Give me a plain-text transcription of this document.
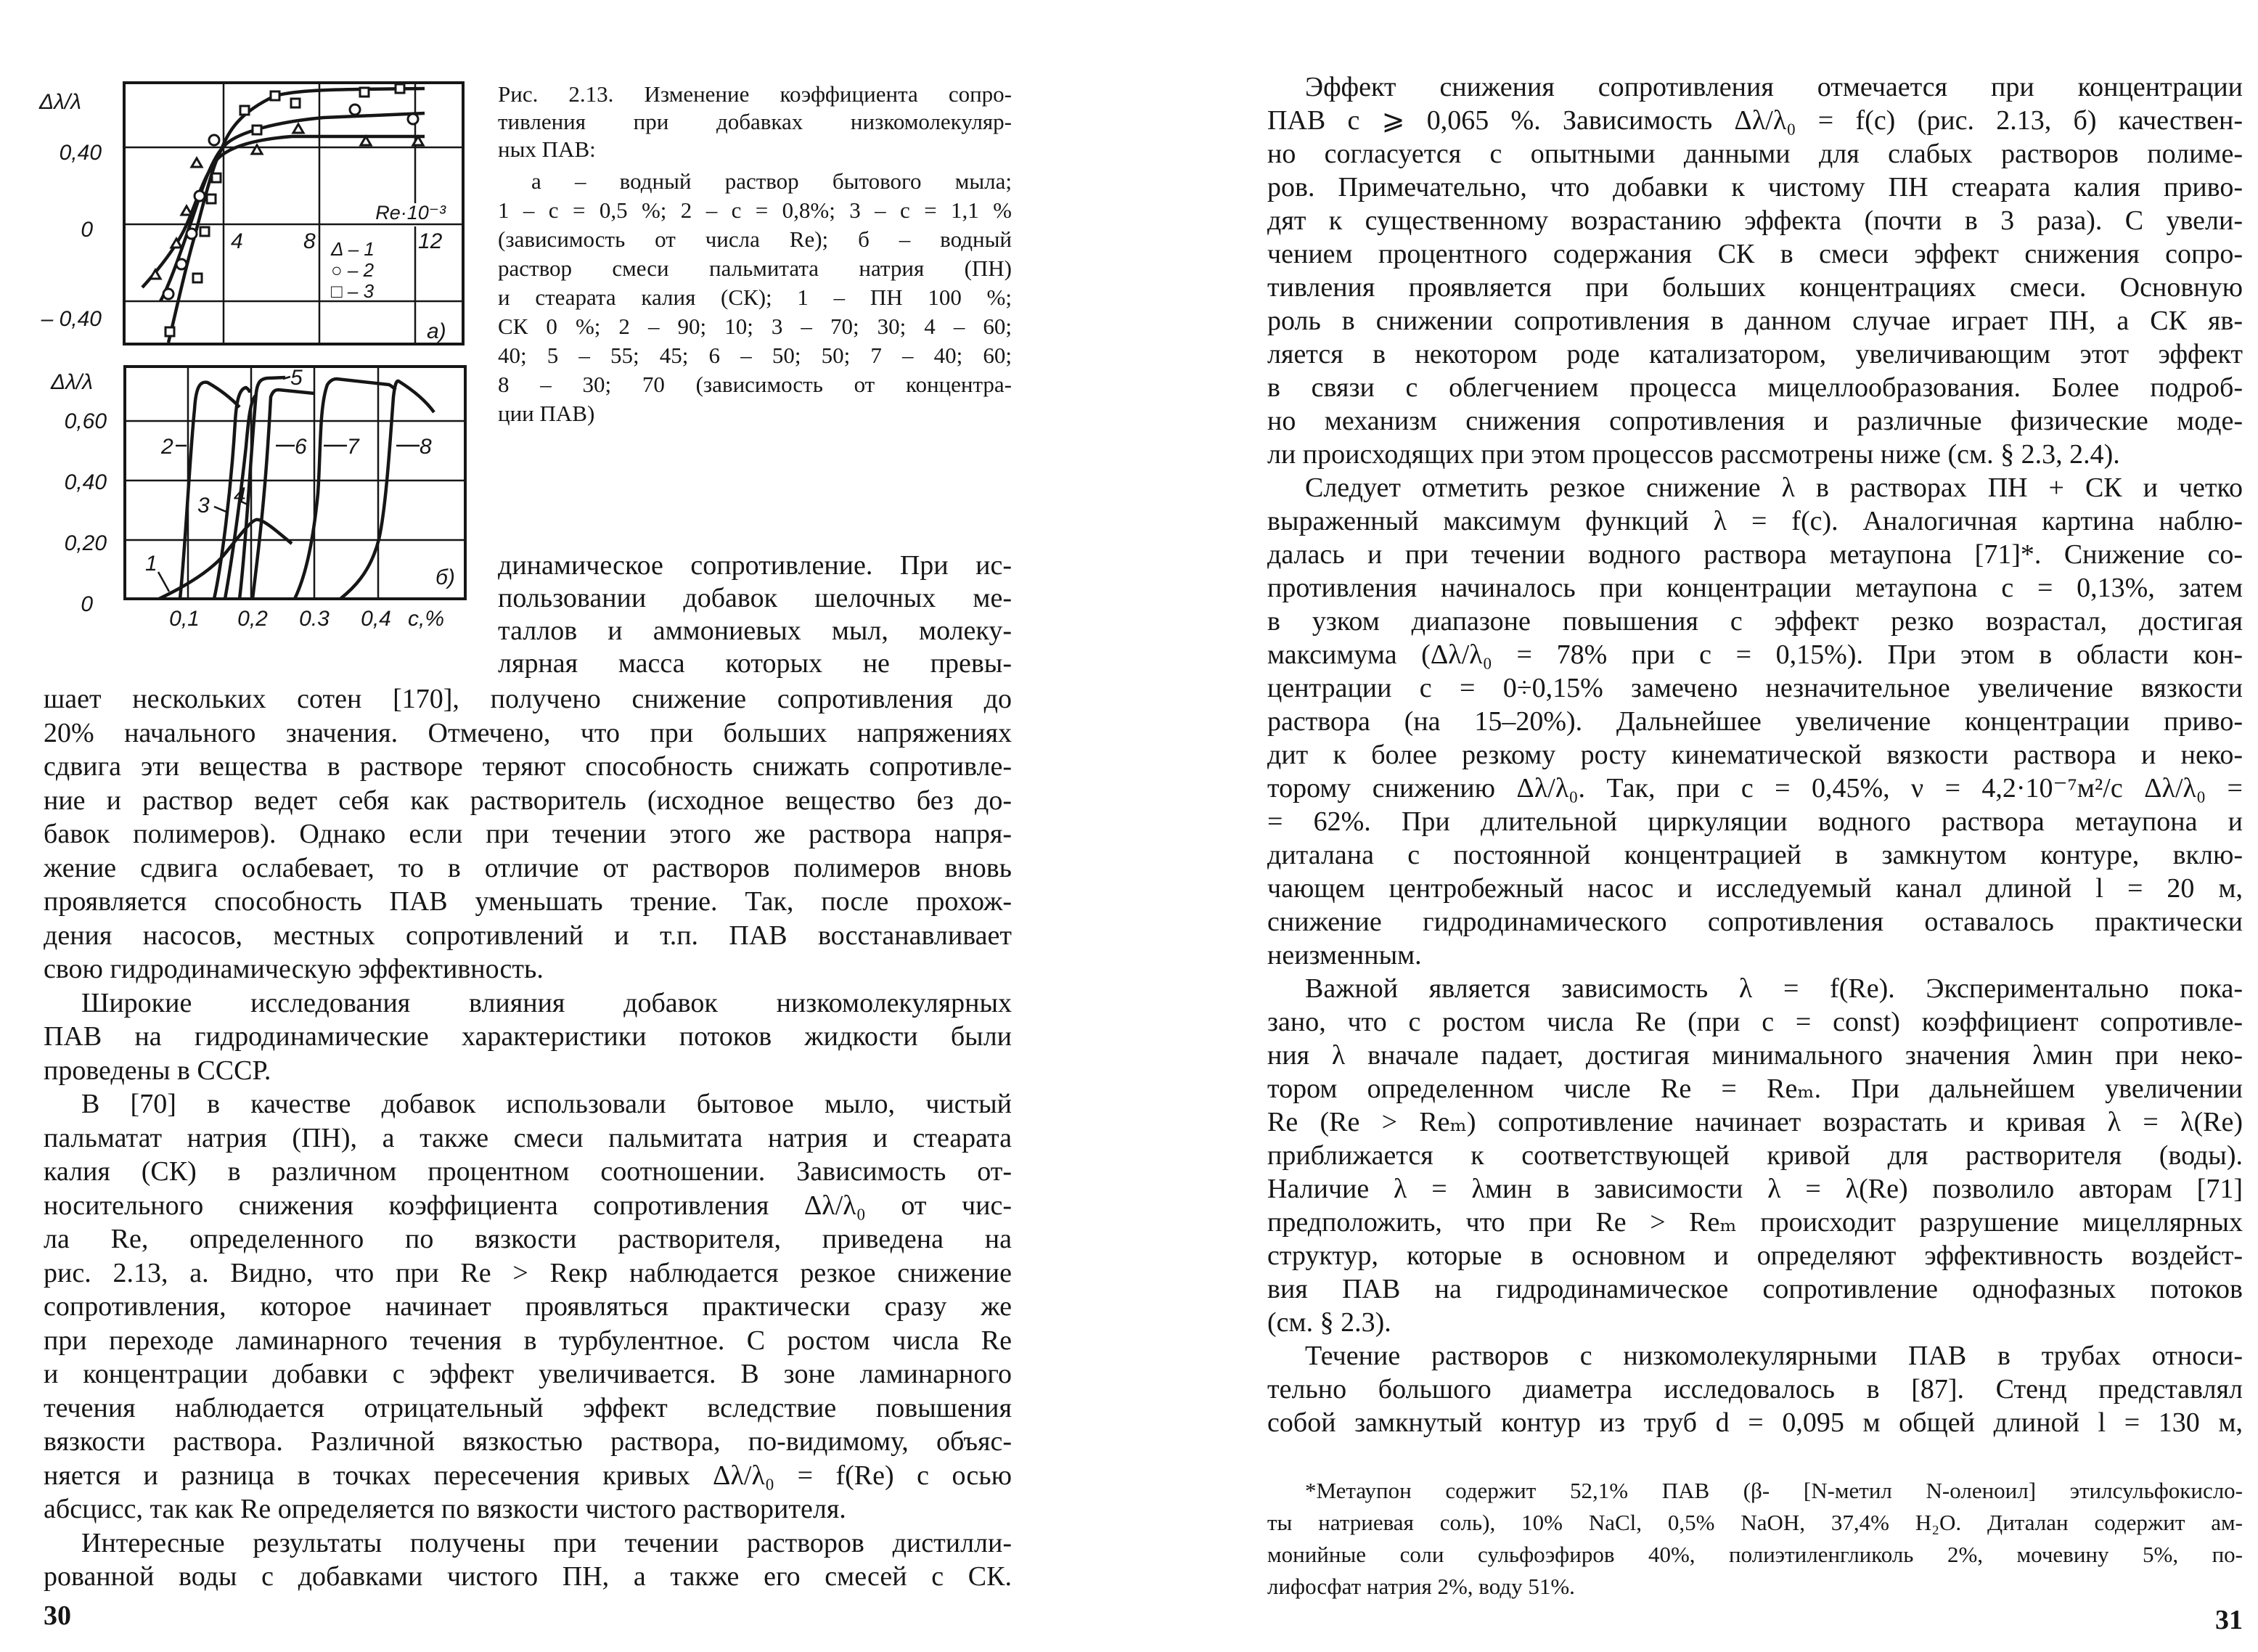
Δλ/λ
0,40
0
– 0,40
4	8	12
Re·10⁻³
Δ – 1
○ – 2
□ – 3
а)
Δλ/λ
0,60
0,40
0,20
0
0,1 0,2 0.3 0,4 c,%
1
2
3 4
5
6 7	8
б)
Рис. 2.13. Изменение коэффициента сопро-
тивления при добавках низкомолекуляр-
ных ПАВ:
а – водный раствор бытового мыла;
1 – с = 0,5 %; 2 – с = 0,8%; 3 – с = 1,1 %
(зависимость от числа Re); б – водный
раствор смеси пальмитата натрия (ПН)
и стеарата калия (СК); 1 – ПН 100 %;
СК 0 %; 2 – 90; 10; 3 – 70; 30; 4 – 60;
40; 5 – 55; 45; 6 – 50; 50; 7 – 40; 60;
8 – 30; 70 (зависимость от концентра-
ции ПАВ)
динамическое сопротивление. При ис-
пользовании добавок шелочных ме-
таллов и аммониевых мыл, молеку-
лярная масса которых не превы-
шает нескольких сотен [170], получено снижение сопротивления до
20% начального значения. Отмечено, что при больших напряжениях
сдвига эти вещества в растворе теряют способность снижать сопротивле-
ние и раствор ведет себя как растворитель (исходное вещество без до-
бавок полимеров). Однако если при течении этого же раствора напря-
жение сдвига ослабевает, то в отличие от растворов полимеров вновь
проявляется способность ПАВ уменьшать трение. Так, после прохож-
дения насосов, местных сопротивлений и т.п. ПАВ восстанавливает
свою гидродинамическую эффективность.
Широкие исследования влияния добавок низкомолекулярных
ПАВ на гидродинамические характеристики потоков жидкости были
проведены в СССР.
В [70] в качестве добавок использовали бытовое мыло, чистый
пальматат натрия (ПН), а также смеси пальмитата натрия и стеарата
калия (СК) в различном процентном соотношении. Зависимость от-
носительного снижения коэффициента сопротивления Δλ/λ₀ от чис-
ла Re, определенного по вязкости растворителя, приведена на
рис. 2.13, а. Видно, что при Re > Reкр наблюдается резкое снижение
сопротивления, которое начинает проявляться практически сразу же
при переходе ламинарного течения в турбулентное. С ростом числа Re
и концентрации добавки с эффект увеличивается. В зоне ламинарного
течения наблюдается отрицательный эффект вследствие повышения
вязкости раствора. Различной вязкостью раствора, по-видимому, объяс-
няется и разница в точках пересечения кривых Δλ/λ₀ = f(Re) с осью
абсцисс, так как Re определяется по вязкости чистого растворителя.
Интересные результаты получены при течении растворов дистилли-
рованной воды с добавками чистого ПН, а также его смесей с СК.
30
Эффект снижения сопротивления отмечается при концентрации
ПАВ c ⩾ 0,065 %. Зависимость Δλ/λ₀ = f(c) (рис. 2.13, б) качествен-
но согласуется с опытными данными для слабых растворов полиме-
ров. Примечательно, что добавки к чистому ПН стеарата калия приво-
дят к существенному возрастанию эффекта (почти в 3 раза). С увели-
чением процентного содержания СК в смеси эффект снижения сопро-
тивления проявляется при больших концентрациях смеси. Основную
роль в снижении сопротивления в данном случае играет ПН, а СК яв-
ляется в некотором роде катализатором, увеличивающим этот эффект
в связи с облегчением процесса мицеллообразования. Более подроб-
но механизм снижения сопротивления и различные физические моде-
ли происходящих при этом процессов рассмотрены ниже (см. § 2.3, 2.4).
Следует отметить резкое снижение λ в растворах ПН + СК и четко
выраженный максимум функций λ = f(c). Аналогичная картина наблю-
далась и при течении водного раствора метаупона [71]*. Снижение со-
противления начиналось при концентрации метаупона c = 0,13%, затем
в узком диапазоне повышения c эффект резко возрастал, достигая
максимума (Δλ/λ₀ = 78% при c = 0,15%). При этом в области кон-
центрации c = 0÷0,15% замечено незначительное увеличение вязкости
раствора (на 15–20%). Дальнейшее увеличение концентрации приво-
дит к более резкому росту кинематической вязкости раствора и неко-
торому снижению Δλ/λ₀. Так, при c = 0,45%, ν = 4,2·10⁻⁷м²/с Δλ/λ₀ =
= 62%. При длительной циркуляции водного раствора метаупона и
диталана с постоянной концентрацией в замкнутом контуре, вклю-
чающем центробежный насос и исследуемый канал длиной l = 20 м,
снижение гидродинамического сопротивления оставалось практически
неизменным.
Важной является зависимость λ = f(Re). Экспериментально пока-
зано, что с ростом числа Re (при c = const) коэффициент сопротивле-
ния λ вначале падает, достигая минимального значения λмин при неко-
тором определенном числе Re = Reₘ. При дальнейшем увеличении
Re (Re > Reₘ) сопротивление начинает возрастать и кривая λ = λ(Re)
приближается к соответствующей кривой для растворителя (воды).
Наличие λ = λмин в зависимости λ = λ(Re) позволило авторам [71]
предположить, что при Re > Reₘ происходит разрушение мицеллярных
структур, которые в основном и определяют эффективность воздейст-
вия ПАВ на гидродинамическое сопротивление однофазных потоков
(см. § 2.3).
Течение растворов с низкомолекулярными ПАВ в трубах относи-
тельно большого диаметра исследовалось в [87]. Стенд представлял
собой замкнутый контур из труб d = 0,095 м общей длиной l = 130 м,
*Метаупон содержит 52,1% ПАВ (β- [N-метил N-оленоил] этилсульфокисло-
ты натриевая соль), 10% NaCl, 0,5% NaOH, 37,4% H₂O. Диталан содержит ам-
монийные соли сульфоэфиров 40%, полиэтиленгликоль 2%, мочевину 5%, по-
лифосфат натрия 2%, воду 51%.
31
